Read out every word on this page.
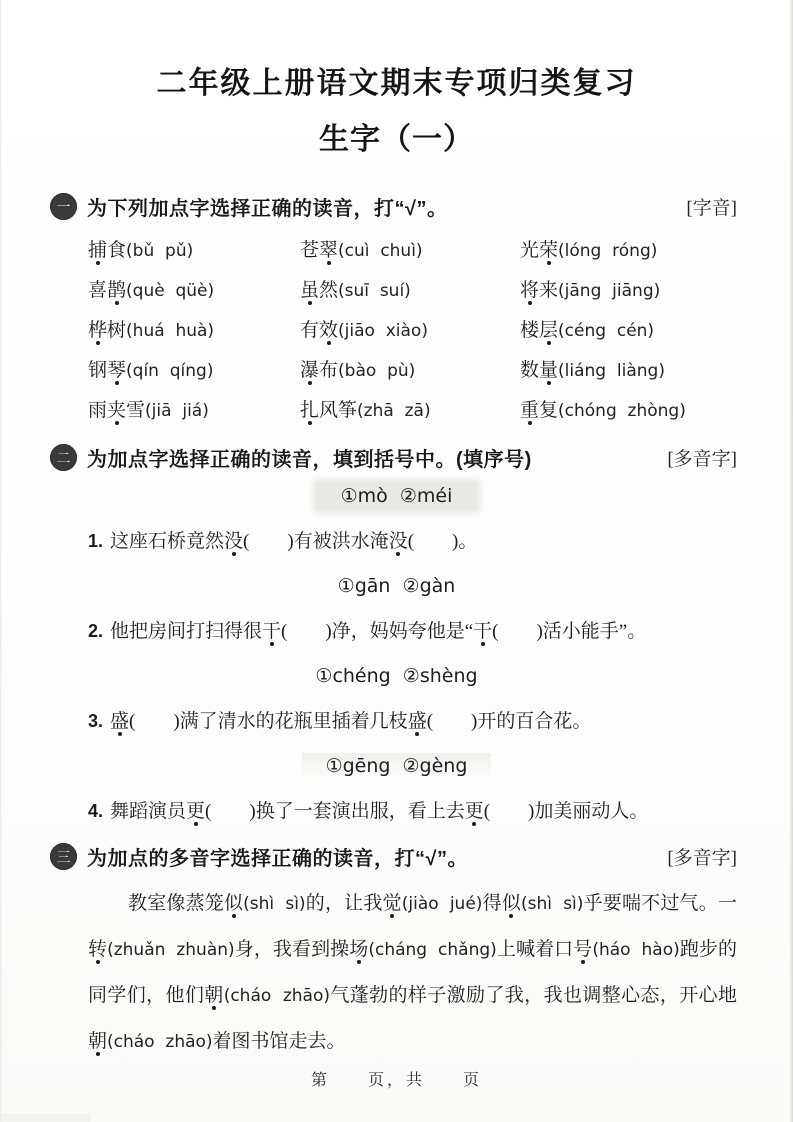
二年级上册语文期末专项归类复习
生字（一）
一 为下列加点字选择正确的读音，打“√”。	[字音]
捕食(bǔ  pǔ)	苍翠(cuì  chuì)	光荣(lóng  róng)
喜鹊(què  qüè)	虽然(suī  suí)	将来(jāng  jiāng)
桦树(huá  huà)	有效(jiāo  xiào)	楼层(céng  cén)
钢琴(qín  qíng)	瀑布(bào  pù)	数量(liáng  liàng)
雨夹雪(jiā  jiá)	扎风筝(zhā  zā)	重复(chóng  zhòng)
二 为加点字选择正确的读音，填到括号中。(填序号)	[多音字]
①mò  ②méi
1. 这座石桥竟然没(　　)有被洪水淹没(　　)。
①gān  ②gàn
2. 他把房间打扫得很干(　　)净，妈妈夸他是“干(　　)活小能手”。
①chéng  ②shèng
3. 盛(　　)满了清水的花瓶里插着几枝盛(　　)开的百合花。
①gēng  ②gèng
4. 舞蹈演员更(　　)换了一套演出服，看上去更(　　)加美丽动人。
三 为加点的多音字选择正确的读音，打“√”。	[多音字]

教室像蒸笼似(shì  sì)的，让我觉(jiào  jué)得似(shì  sì)乎要喘不过气。一转(zhuǎn  zhuàn)身，我看到操场(cháng  chǎng)上喊着口号(háo  hào)跑步的同学们，他们朝(cháo  zhāo)气蓬勃的样子激励了我，我也调整心态，开心地朝(cháo  zhāo)着图书馆走去。

第　　页，共　　页
